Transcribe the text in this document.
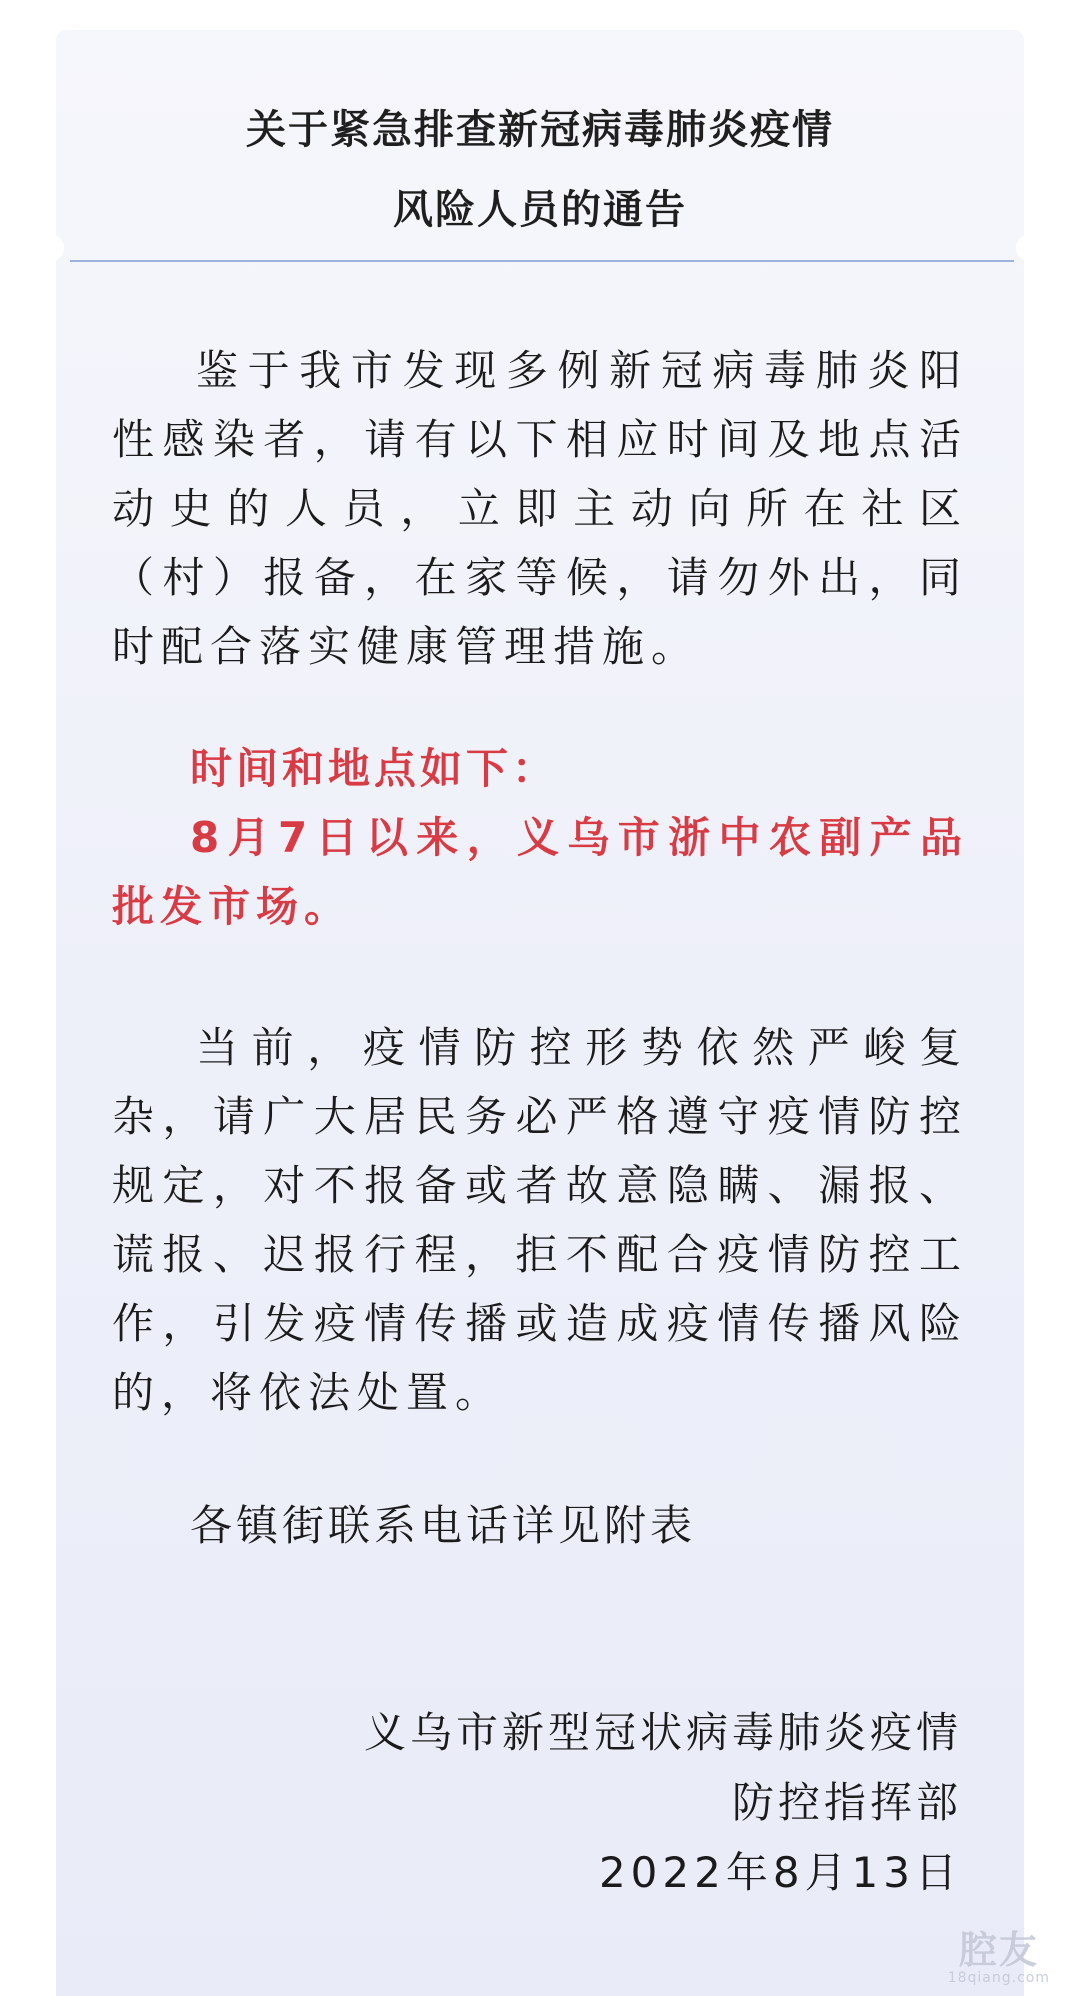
关于紧急排查新冠病毒肺炎疫情
风险人员的通告

鉴于我市发现多例新冠病毒肺炎阳性感染者，请有以下相应时间及地点活动史的人员，立即主动向所在社区（村）报备，在家等候，请勿外出，同时配合落实健康管理措施。

时间和地点如下：

8月7日以来，义乌市浙中农副产品批发市场。

当前，疫情防控形势依然严峻复杂，请广大居民务必严格遵守疫情防控规定，对不报备或者故意隐瞒、漏报、谎报、迟报行程，拒不配合疫情防控工作，引发疫情传播或造成疫情传播风险的，将依法处置。

各镇街联系电话详见附表
义乌市新型冠状病毒肺炎疫情
防控指挥部
2022年8月13日
腔友
18qiang.com
